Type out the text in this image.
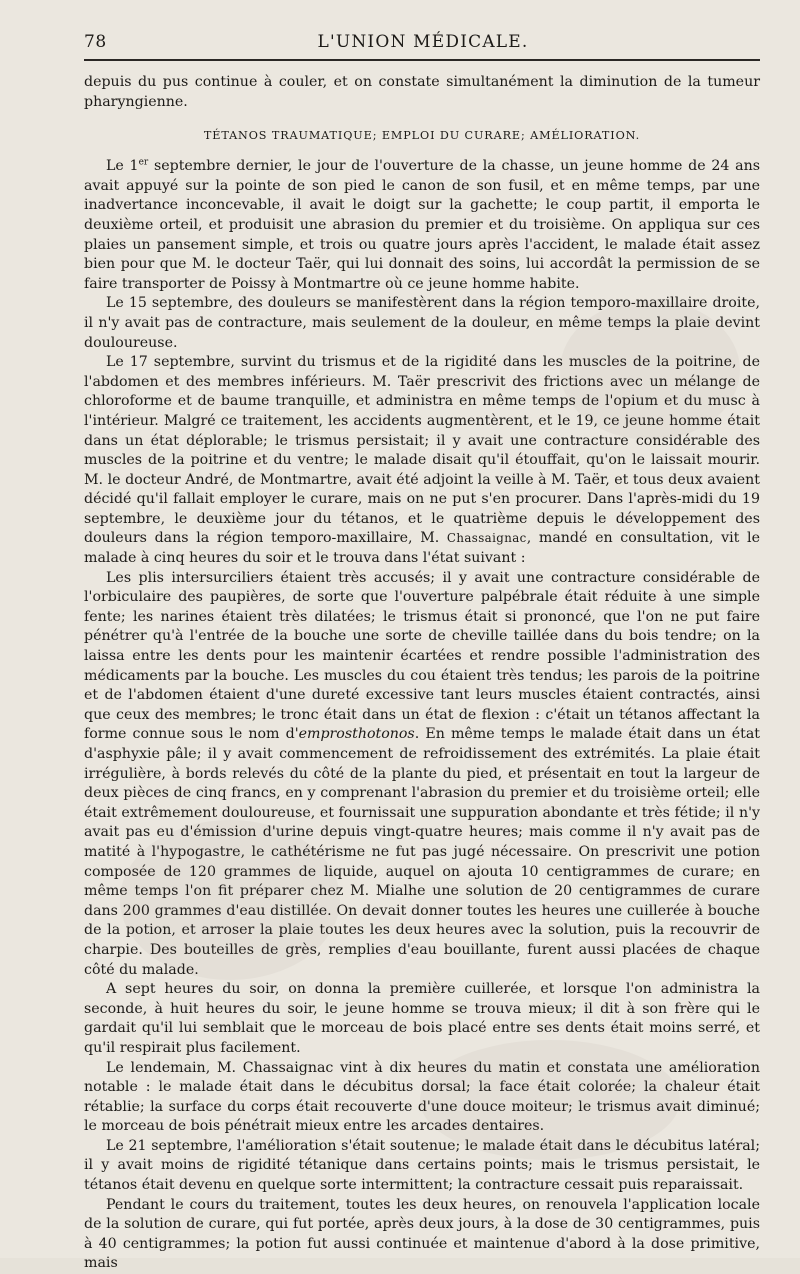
78	L'UNION MÉDICALE.

depuis du pus continue à couler, et on constate simultanément la diminution de la tumeur pharyngienne.

TÉTANOS TRAUMATIQUE; EMPLOI DU CURARE; AMÉLIORATION.

Le 1er septembre dernier, le jour de l'ouverture de la chasse, un jeune homme de 24 ans avait appuyé sur la pointe de son pied le canon de son fusil, et en même temps, par une inadvertance inconcevable, il avait le doigt sur la gachette; le coup partit, il emporta le deuxième orteil, et produisit une abrasion du premier et du troisième. On appliqua sur ces plaies un pansement simple, et trois ou quatre jours après l'accident, le malade était assez bien pour que M. le docteur Taër, qui lui donnait des soins, lui accordât la permission de se faire transporter de Poissy à Montmartre où ce jeune homme habite.

Le 15 septembre, des douleurs se manifestèrent dans la région temporo-maxillaire droite, il n'y avait pas de contracture, mais seulement de la douleur, en même temps la plaie devint douloureuse.

Le 17 septembre, survint du trismus et de la rigidité dans les muscles de la poitrine, de l'abdomen et des membres inférieurs. M. Taër prescrivit des frictions avec un mélange de chloroforme et de baume tranquille, et administra en même temps de l'opium et du musc à l'intérieur. Malgré ce traitement, les accidents augmentèrent, et le 19, ce jeune homme était dans un état déplorable; le trismus persistait; il y avait une contracture considérable des muscles de la poitrine et du ventre; le malade disait qu'il étouffait, qu'on le laissait mourir. M. le docteur André, de Montmartre, avait été adjoint la veille à M. Taër, et tous deux avaient décidé qu'il fallait employer le curare, mais on ne put s'en procurer. Dans l'après-midi du 19 septembre, le deuxième jour du tétanos, et le quatrième depuis le développement des douleurs dans la région temporo-maxillaire, M. Chassaignac, mandé en consultation, vit le malade à cinq heures du soir et le trouva dans l'état suivant :

Les plis intersurciliers étaient très accusés; il y avait une contracture considérable de l'orbiculaire des paupières, de sorte que l'ouverture palpébrale était réduite à une simple fente; les narines étaient très dilatées; le trismus était si prononcé, que l'on ne put faire pénétrer qu'à l'entrée de la bouche une sorte de cheville taillée dans du bois tendre; on la laissa entre les dents pour les maintenir écartées et rendre possible l'administration des médicaments par la bouche. Les muscles du cou étaient très tendus; les parois de la poitrine et de l'abdomen étaient d'une dureté excessive tant leurs muscles étaient contractés, ainsi que ceux des membres; le tronc était dans un état de flexion : c'était un tétanos affectant la forme connue sous le nom d'emprosthotonos. En même temps le malade était dans un état d'asphyxie pâle; il y avait commencement de refroidissement des extrémités. La plaie était irrégulière, à bords relevés du côté de la plante du pied, et présentait en tout la largeur de deux pièces de cinq francs, en y comprenant l'abrasion du premier et du troisième orteil; elle était extrêmement douloureuse, et fournissait une suppuration abondante et très fétide; il n'y avait pas eu d'émission d'urine depuis vingt-quatre heures; mais comme il n'y avait pas de matité à l'hypogastre, le cathétérisme ne fut pas jugé nécessaire. On prescrivit une potion composée de 120 grammes de liquide, auquel on ajouta 10 centigrammes de curare; en même temps l'on fit préparer chez M. Mialhe une solution de 20 centigrammes de curare dans 200 grammes d'eau distillée. On devait donner toutes les heures une cuillerée à bouche de la potion, et arroser la plaie toutes les deux heures avec la solution, puis la recouvrir de charpie. Des bouteilles de grès, remplies d'eau bouillante, furent aussi placées de chaque côté du malade.

A sept heures du soir, on donna la première cuillerée, et lorsque l'on administra la seconde, à huit heures du soir, le jeune homme se trouva mieux; il dit à son frère qui le gardait qu'il lui semblait que le morceau de bois placé entre ses dents était moins serré, et qu'il respirait plus facilement.

Le lendemain, M. Chassaignac vint à dix heures du matin et constata une amélioration notable : le malade était dans le décubitus dorsal; la face était colorée; la chaleur était rétablie; la surface du corps était recouverte d'une douce moiteur; le trismus avait diminué; le morceau de bois pénétrait mieux entre les arcades dentaires.

Le 21 septembre, l'amélioration s'était soutenue; le malade était dans le décubitus latéral; il y avait moins de rigidité tétanique dans certains points; mais le trismus persistait, le tétanos était devenu en quelque sorte intermittent; la contracture cessait puis reparaissait.

Pendant le cours du traitement, toutes les deux heures, on renouvela l'application locale de la solution de curare, qui fut portée, après deux jours, à la dose de 30 centigrammes, puis à 40 centigrammes; la potion fut aussi continuée et maintenue d'abord à la dose primitive, mais
